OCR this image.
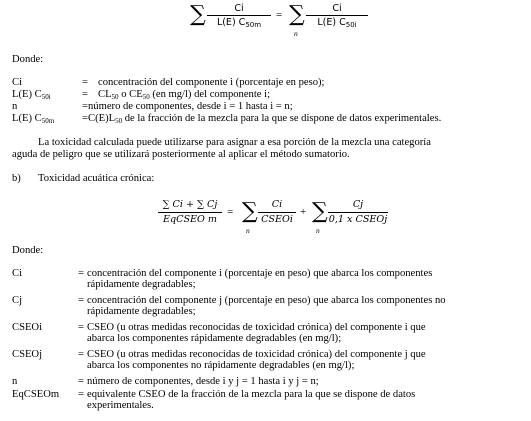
∑	Ci
L(E) $C_{50m}$
= ∑
n
Ci
L(E) $C_{50i}$
Donde:
Ci	= concentración del componente i (porcentaje en peso);
L(E) $C_{50i}$	= $CL_{50}$ o $CE_{50}$ (en mg/l) del componente i;
n	= número de componentes, desde i = 1 hasta i = n;
L(E) $C_{50m}$	= $C(E)L_{50}$ de la fracción de la mezcla para la que se dispone de datos experimentales.
La toxicidad calculada puede utilizarse para asignar a esa porción de la mezcla una categoría
aguda de peligro que se utilizará posteriormente al aplicar el método sumatorio.
b) Toxicidad acuática crónica:
∑ Ci + ∑ Cj
EqCSEO m
= ∑
n
Ci
CSEOi
+ ∑
n
Cj
0,1 x CSEOj
Donde:
Ci	= concentración del componente i (porcentaje en peso) que abarca los componentes
rápidamente degradables;
Cj	= concentración del componente j (porcentaje en peso) que abarca los componentes no
rápidamente degradables;
CSEOi	= CSEO (u otras medidas reconocidas de toxicidad crónica) del componente i que
abarca los componentes rápidamente degradables (en mg/l);
CSEOj	= CSEO (u otras medidas reconocidas de toxicidad crónica) del componente j que
abarca los componentes no rápidamente degradables (en mg/l);
n	= número de componentes, desde i y j = 1 hasta i y j = n;
EqCSEOm = equivalente CSEO de la fracción de la mezcla para la que se dispone de datos
experimentales.
